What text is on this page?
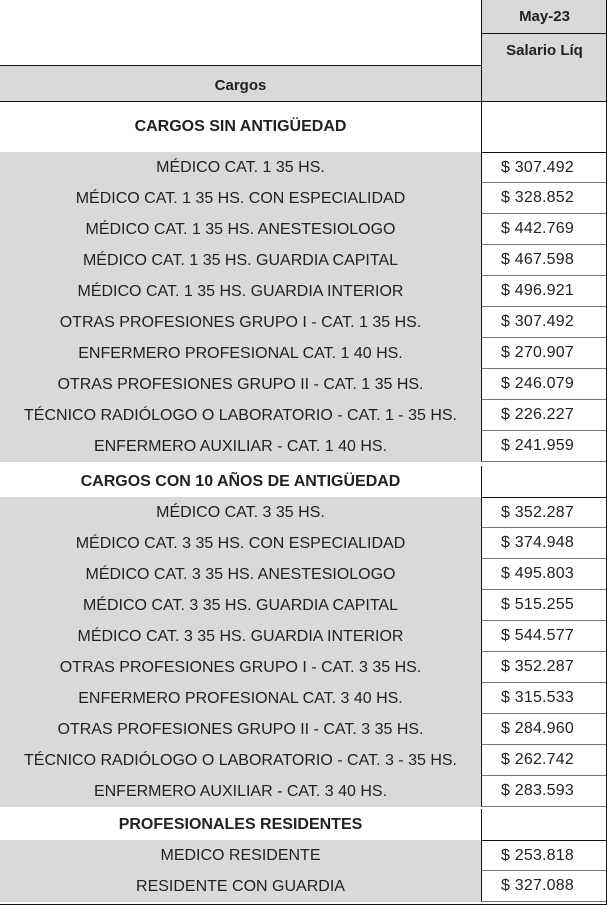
May-23
Salario Líq
Cargos
CARGOS SIN ANTIGÜEDAD
MÉDICO CAT. 1 35 HS.	$ 307.492
MÉDICO CAT. 1 35 HS. CON ESPECIALIDAD	$ 328.852
MÉDICO CAT. 1 35 HS. ANESTESIOLOGO	$ 442.769
MÉDICO CAT. 1 35 HS. GUARDIA CAPITAL	$ 467.598
MÉDICO CAT. 1 35 HS. GUARDIA INTERIOR	$ 496.921
OTRAS PROFESIONES GRUPO I - CAT. 1 35 HS.	$ 307.492
ENFERMERO PROFESIONAL CAT. 1 40 HS.	$ 270.907
OTRAS PROFESIONES GRUPO II - CAT. 1 35 HS.	$ 246.079
TÉCNICO RADIÓLOGO O LABORATORIO - CAT. 1 - 35 HS.	$ 226.227
ENFERMERO AUXILIAR - CAT. 1 40 HS.	$ 241.959
CARGOS CON 10 AÑOS DE ANTIGÜEDAD
MÉDICO CAT. 3 35 HS.	$ 352.287
MÉDICO CAT. 3 35 HS. CON ESPECIALIDAD	$ 374.948
MÉDICO CAT. 3 35 HS. ANESTESIOLOGO	$ 495.803
MÉDICO CAT. 3 35 HS. GUARDIA CAPITAL	$ 515.255
MÉDICO CAT. 3 35 HS. GUARDIA INTERIOR	$ 544.577
OTRAS PROFESIONES GRUPO I - CAT. 3 35 HS.	$ 352.287
ENFERMERO PROFESIONAL CAT. 3 40 HS.	$ 315.533
OTRAS PROFESIONES GRUPO II - CAT. 3 35 HS.	$ 284.960
TÉCNICO RADIÓLOGO O LABORATORIO - CAT. 3 - 35 HS.	$ 262.742
ENFERMERO AUXILIAR - CAT. 3 40 HS.	$ 283.593
PROFESIONALES RESIDENTES
MEDICO RESIDENTE	$ 253.818
RESIDENTE CON GUARDIA	$ 327.088
